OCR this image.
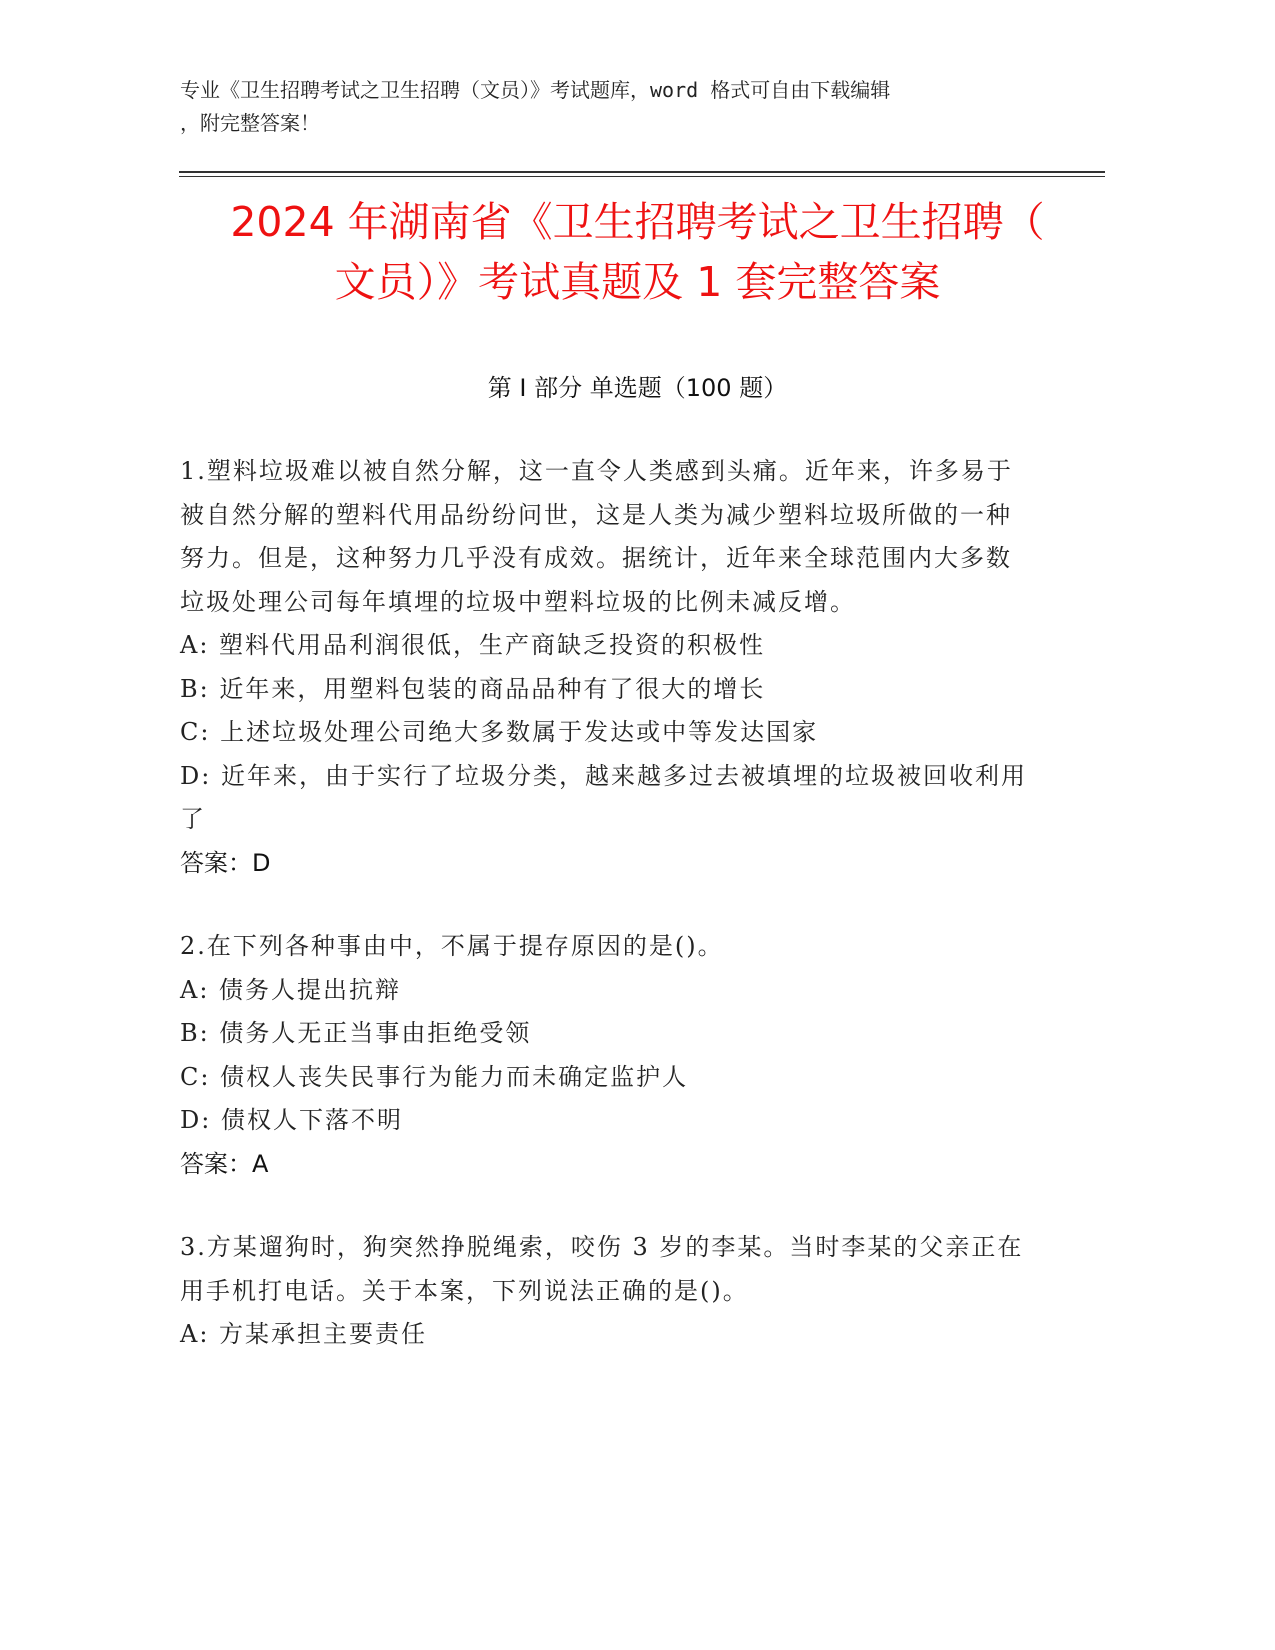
专业《卫生招聘考试之卫生招聘（文员）》考试题库，word 格式可自由下载编辑
，附完整答案！
2024 年湖南省《卫生招聘考试之卫生招聘（
文员）》考试真题及 1 套完整答案
第 I 部分 单选题（100 题）

1.塑料垃圾难以被自然分解，这一直令人类感到头痛。近年来，许多易于被自然分解的塑料代用品纷纷问世，这是人类为减少塑料垃圾所做的一种努力。但是，这种努力几乎没有成效。据统计，近年来全球范围内大多数垃圾处理公司每年填埋的垃圾中塑料垃圾的比例未减反增。

A: 塑料代用品利润很低，生产商缺乏投资的积极性

B: 近年来，用塑料包装的商品品种有了很大的增长

C: 上述垃圾处理公司绝大多数属于发达或中等发达国家

D: 近年来，由于实行了垃圾分类，越来越多过去被填埋的垃圾被回收利用了

答案：D

2.在下列各种事由中，不属于提存原因的是()。

A: 债务人提出抗辩

B: 债务人无正当事由拒绝受领

C: 债权人丧失民事行为能力而未确定监护人

D: 债权人下落不明

答案：A

3.方某遛狗时，狗突然挣脱绳索，咬伤 3 岁的李某。当时李某的父亲正在用手机打电话。关于本案，下列说法正确的是()。

A: 方某承担主要责任
